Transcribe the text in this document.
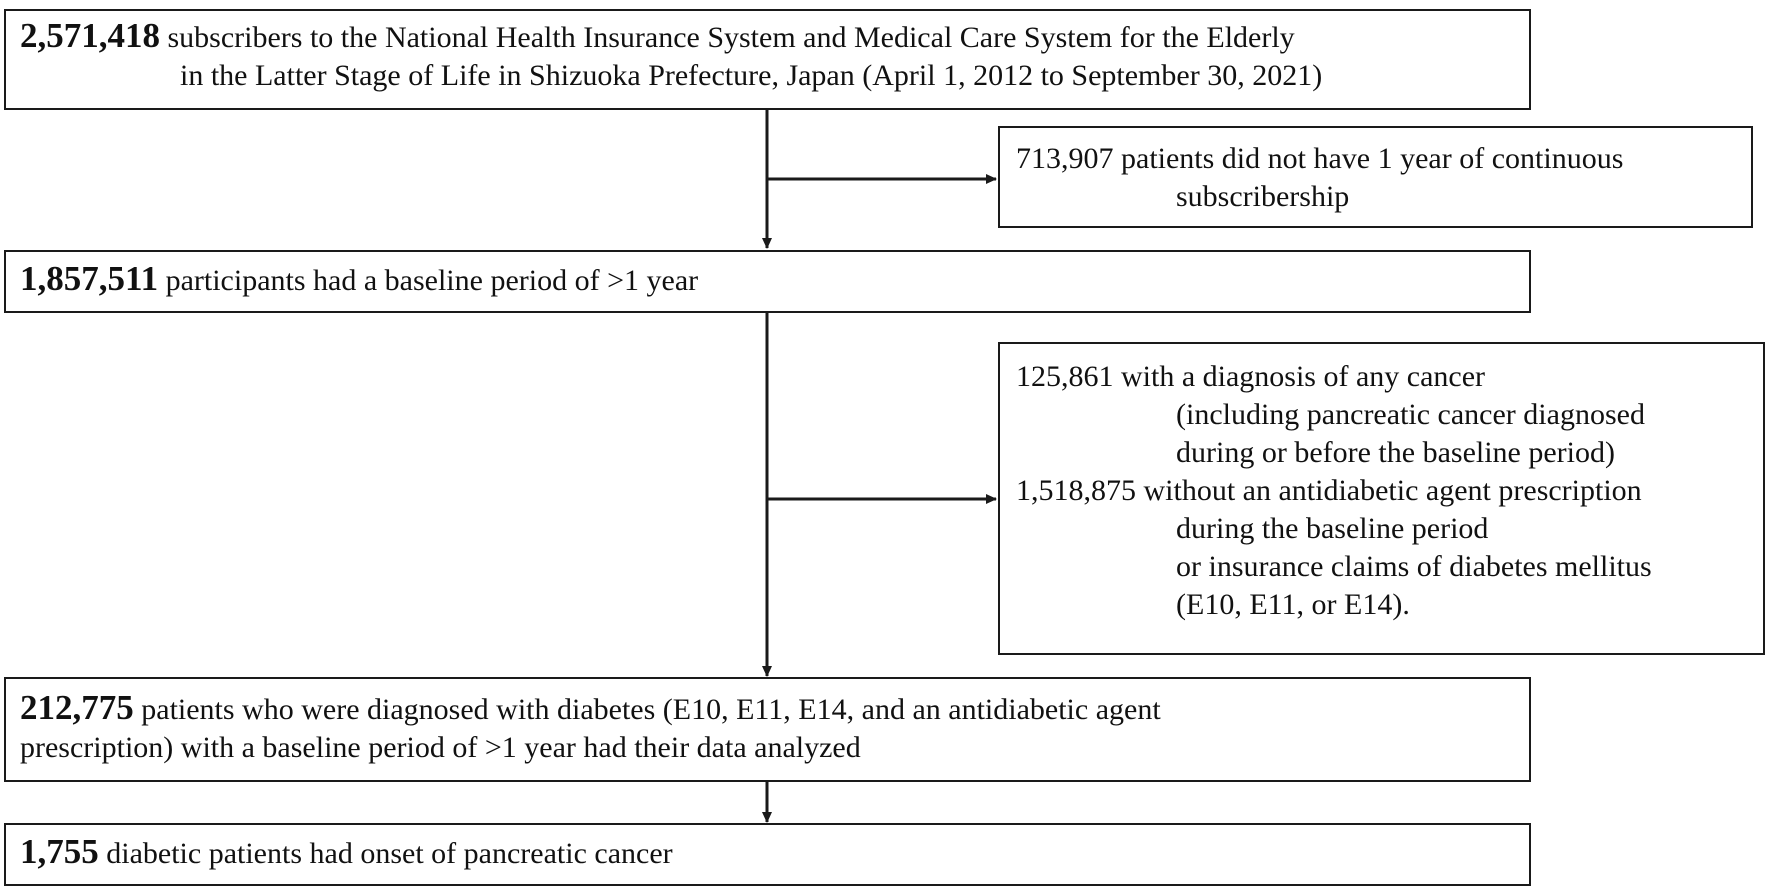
2,571,418 subscribers to the National Health Insurance System and Medical Care System for the Elderly
in the Latter Stage of Life in Shizuoka Prefecture, Japan (April 1, 2012 to September 30, 2021)
713,907 patients did not have 1 year of continuous
subscribership
1,857,511 participants had a baseline period of >1 year
125,861 with a diagnosis of any cancer
(including pancreatic cancer diagnosed
during or before the baseline period)
1,518,875 without an antidiabetic agent prescription
during the baseline period
or insurance claims of diabetes mellitus
(E10, E11, or E14).
212,775 patients who were diagnosed with diabetes (E10, E11, E14, and an antidiabetic agent
prescription) with a baseline period of >1 year had their data analyzed
1,755 diabetic patients had onset of pancreatic cancer
